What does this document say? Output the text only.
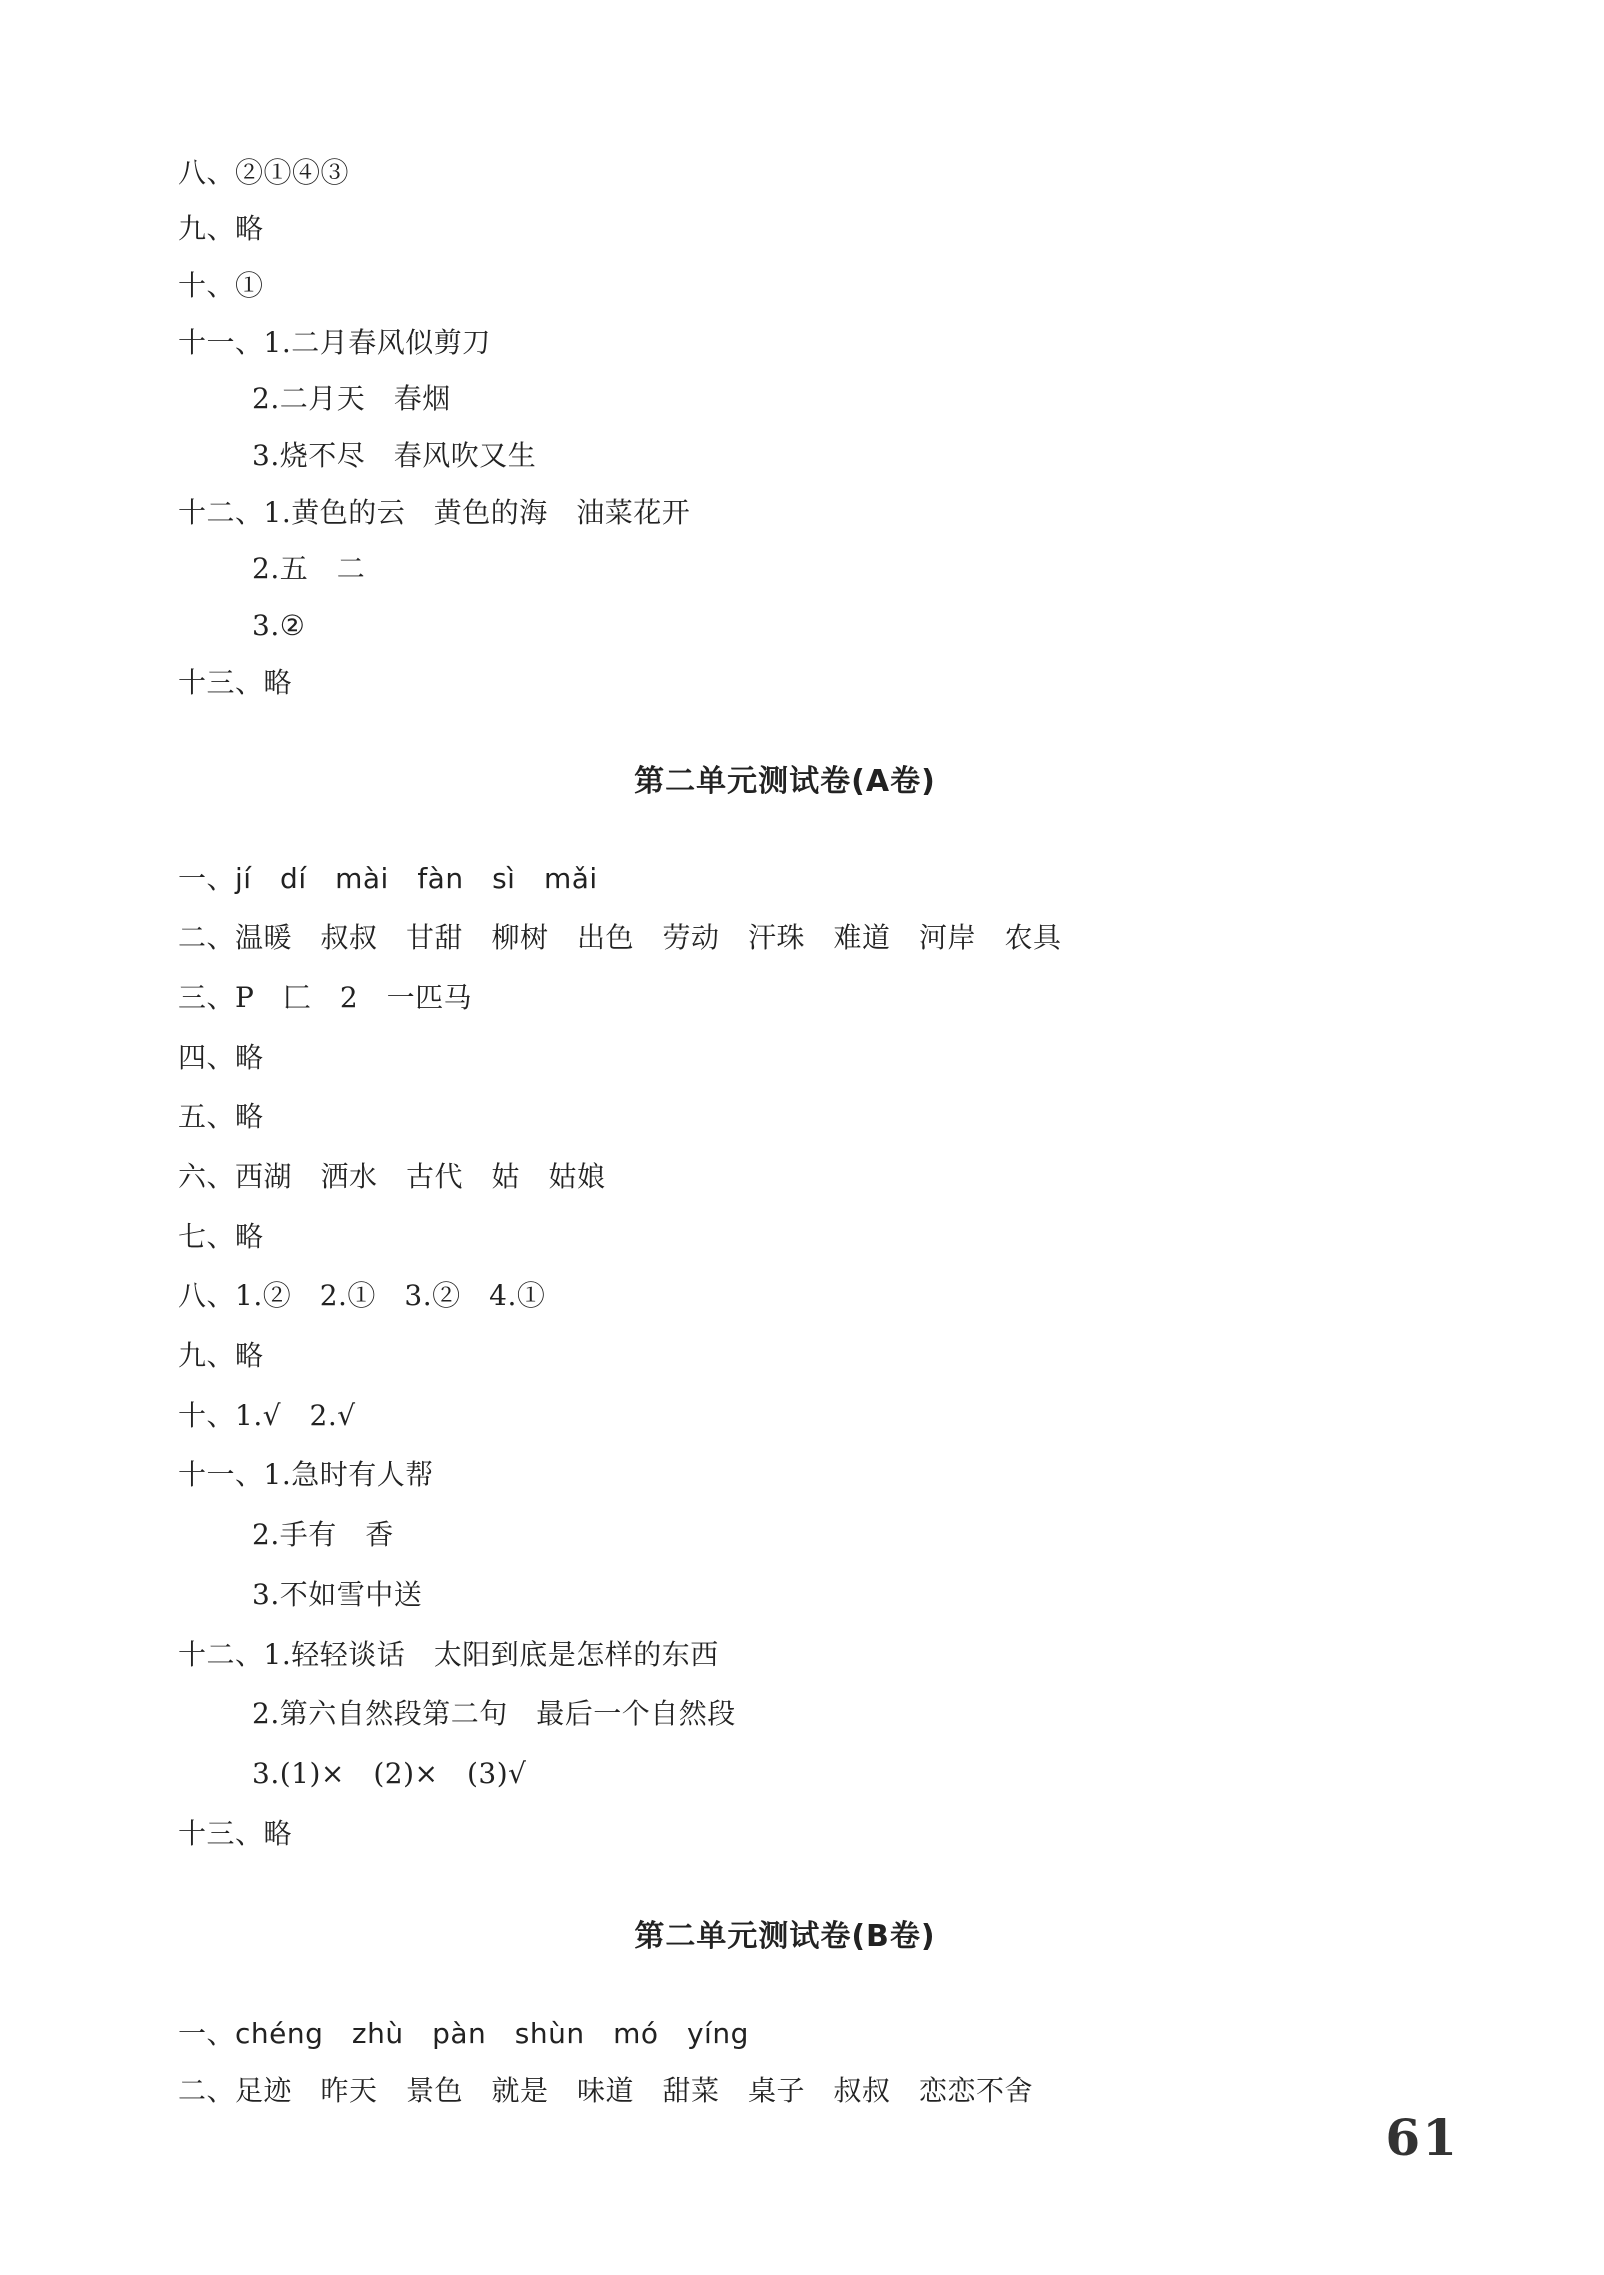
八、②①④③
九、略
十、①
十一、1.二月春风似剪刀
2.二月天　春烟
3.烧不尽　春风吹又生
十二、1.黄色的云　黄色的海　油菜花开
2.五　二
3.②
十三、略
第二单元测试卷(A卷)
一、jí　dí　mài　fàn　sì　mǎi
二、温暖　叔叔　甘甜　柳树　出色　劳动　汗珠　难道　河岸　农具
三、P　匚　2　一匹马
四、略
五、略
六、西湖　洒水　古代　姑　姑娘
七、略
八、1.②　2.①　3.②　4.①
九、略
十、1.√　2.√
十一、1.急时有人帮
2.手有　香
3.不如雪中送
十二、1.轻轻谈话　太阳到底是怎样的东西
2.第六自然段第二句　最后一个自然段
3.(1)×　(2)×　(3)√
十三、略
第二单元测试卷(B卷)
一、chéng　zhù　pàn　shùn　mó　yíng
二、足迹　昨天　景色　就是　味道　甜菜　桌子　叔叔　恋恋不舍
61
